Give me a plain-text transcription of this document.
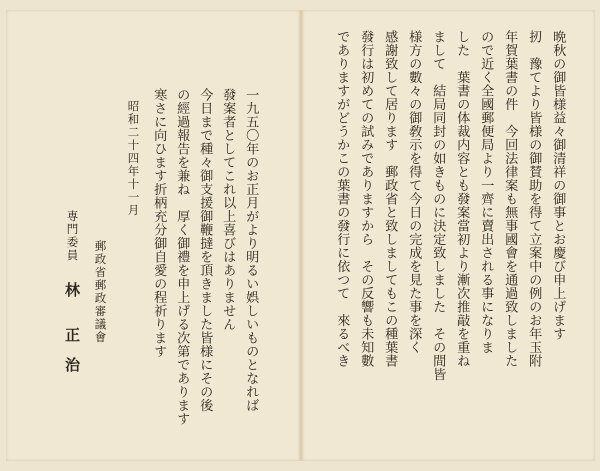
晩秋の御皆様益々御清祥の御事とお慶び申上げます
扨　豫てより皆様の御賛助を得て立案中の例のお年玉附
年賀葉書の件　今回法律案も無事國會を通過致しました
ので近く全國郵便局より一齊に賣出される事になりま
した　葉書の体裁内容とも發案當初より漸次推敲を重ね
まして　結局同封の如きものに決定致しました　その間皆
様方の數々の御敎示を得て今日の完成を見た事を深く
感謝致して居ります　郵政省と致しましてもこの種葉書
發行は初めての試みでありますから　その反響も未知數
でありますがどうかこの葉書の發行に依つて　來るべき
一九五〇年のお正月がより明るい娯しいものとなれば
發案者としてこれ以上喜びはありません
今日まで種々御支援御鞭撻を頂きました皆様にその後
の經過報告を兼ね　厚く御禮を申上げる次第であります
寒さに向ひます折柄充分御自愛の程祈ります
昭和二十四年十一月
郵政省郵政審議會
専門委員
林　　正　治
